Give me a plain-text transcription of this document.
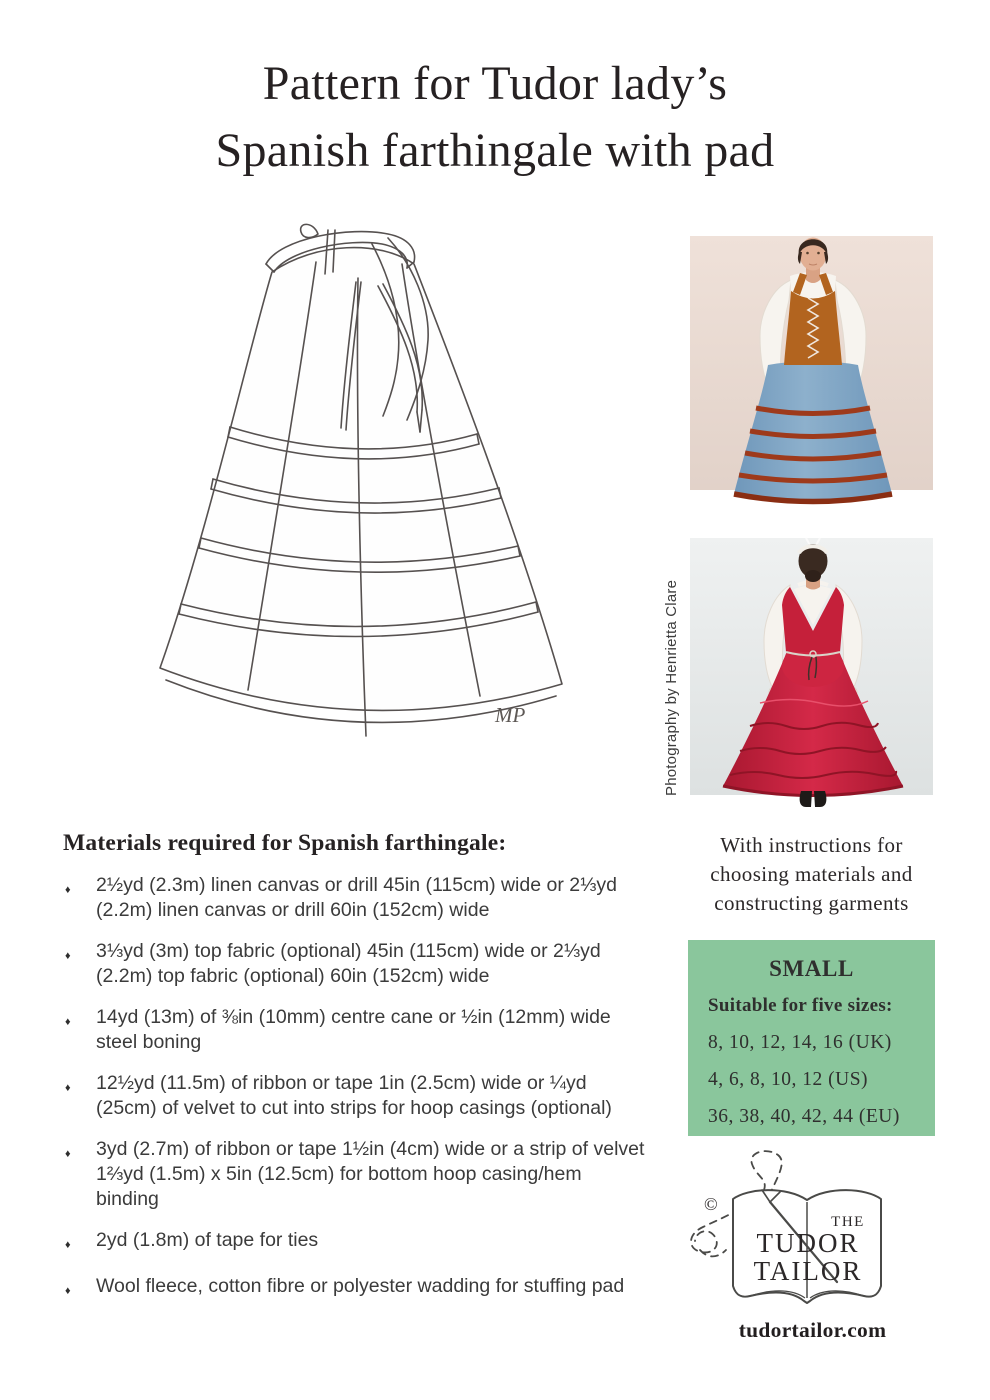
Pattern for Tudor lady’s
Spanish farthingale with pad
MP	Photography by Henrietta Clare
Materials required for Spanish farthingale:
♦	2½yd (2.3m) linen canvas or drill 45in (115cm) wide or 2⅓yd (2.2m) linen canvas or drill 60in (152cm) wide
♦	3⅓yd (3m) top fabric (optional) 45in (115cm) wide or 2⅓yd (2.2m) top fabric (optional) 60in (152cm) wide
♦	14yd (13m) of ⅜in (10mm) centre cane or ½in (12mm) wide steel boning
♦	12½yd (11.5m) of ribbon or tape 1in (2.5cm) wide or ¼yd (25cm) of velvet to cut into strips for hoop casings (optional)
♦	3yd (2.7m) of ribbon or tape 1½in (4cm) wide or a strip of velvet 1⅔yd (1.5m) x 5in (12.5cm) for bottom hoop casing/hem binding
♦	2yd (1.8m) of tape for ties
♦	Wool fleece, cotton fibre or polyester wadding for stuffing pad
With instructions for
choosing materials and
constructing garments
SMALL
Suitable for five sizes:
8, 10, 12, 14, 16 (UK)
4, 6, 8, 10, 12 (US)
36, 38, 40, 42, 44 (EU)
©
THE
TUDOR
TAILOR
tudortailor.com
